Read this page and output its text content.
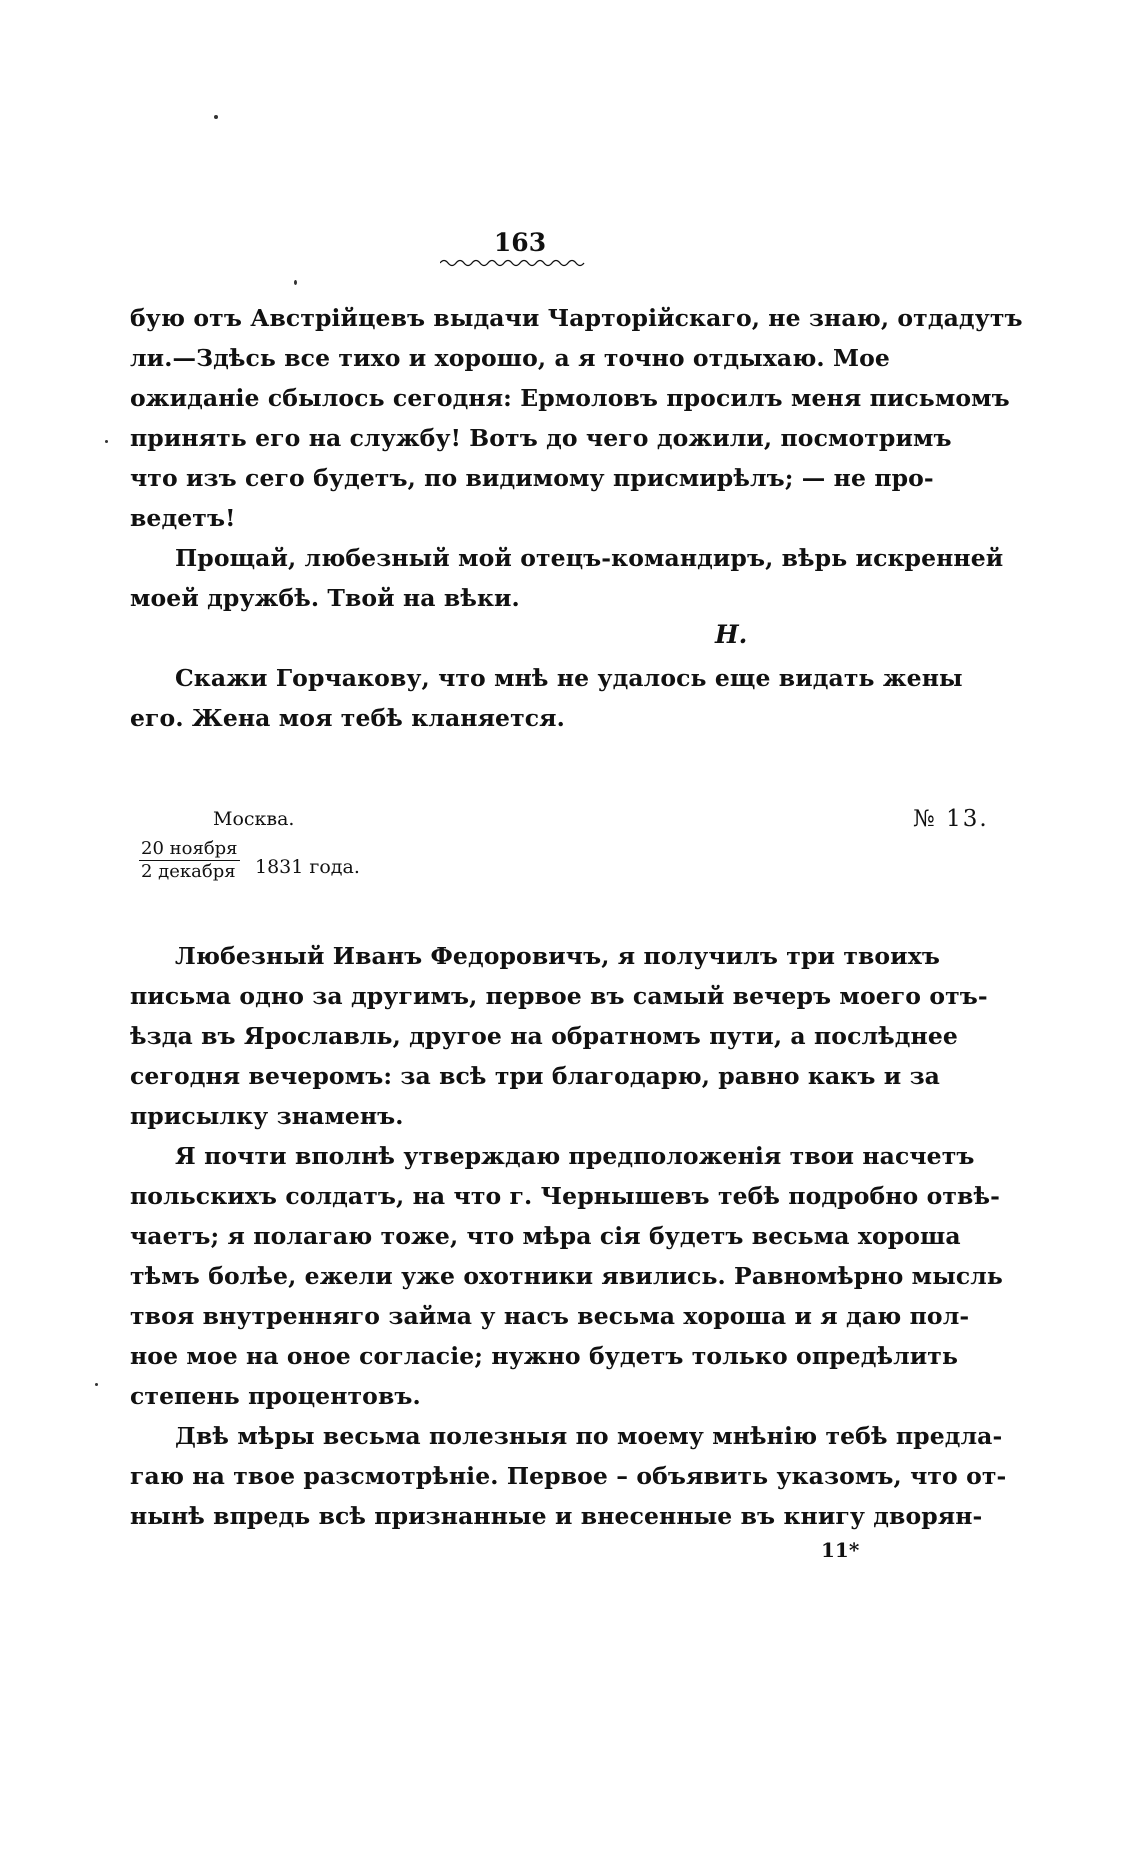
163
бую отъ Австрійцевъ выдачи Чарторійскаго, не знаю, отдадутъ
ли.—Здѣсь все тихо и хорошо, а я точно отдыхаю. Мое
ожиданіе сбылось сегодня: Ермоловъ просилъ меня письмомъ
принять его на службу! Вотъ до чего дожили, посмотримъ
что изъ сего будетъ, по видимому присмирѣлъ; — не про-
ведетъ!
Прощай, любезный мой отецъ-командиръ, вѣрь искренней
моей дружбѣ. Твой на вѣки.
Н.
Скажи Горчакову, что мнѣ не удалось еще видать жены
его. Жена моя тебѣ кланяется.
Москва.
20 ноября
2 декабря 1831 года.
№ 13.
Любезный Иванъ Федоровичъ, я получилъ три твоихъ
письма одно за другимъ, первое въ самый вечеръ моего отъ-
ѣзда въ Ярославль, другое на обратномъ пути, а послѣднее
сегодня вечеромъ: за всѣ три благодарю, равно какъ и за
присылку знаменъ.
Я почти вполнѣ утверждаю предположенія твои насчетъ
польскихъ солдатъ, на что г. Чернышевъ тебѣ подробно отвѣ-
чаетъ; я полагаю тоже, что мѣра сія будетъ весьма хороша
тѣмъ болѣе, ежели уже охотники явились. Равномѣрно мысль
твоя внутренняго займа у насъ весьма хороша и я даю пол-
ное мое на оное согласіе; нужно будетъ только опредѣлить
степень процентовъ.
Двѣ мѣры весьма полезныя по моему мнѣнію тебѣ предла-
гаю на твое разсмотрѣніе. Первое – объявить указомъ, что от-
нынѣ впредь всѣ признанные и внесенные въ книгу дворян-
11*
